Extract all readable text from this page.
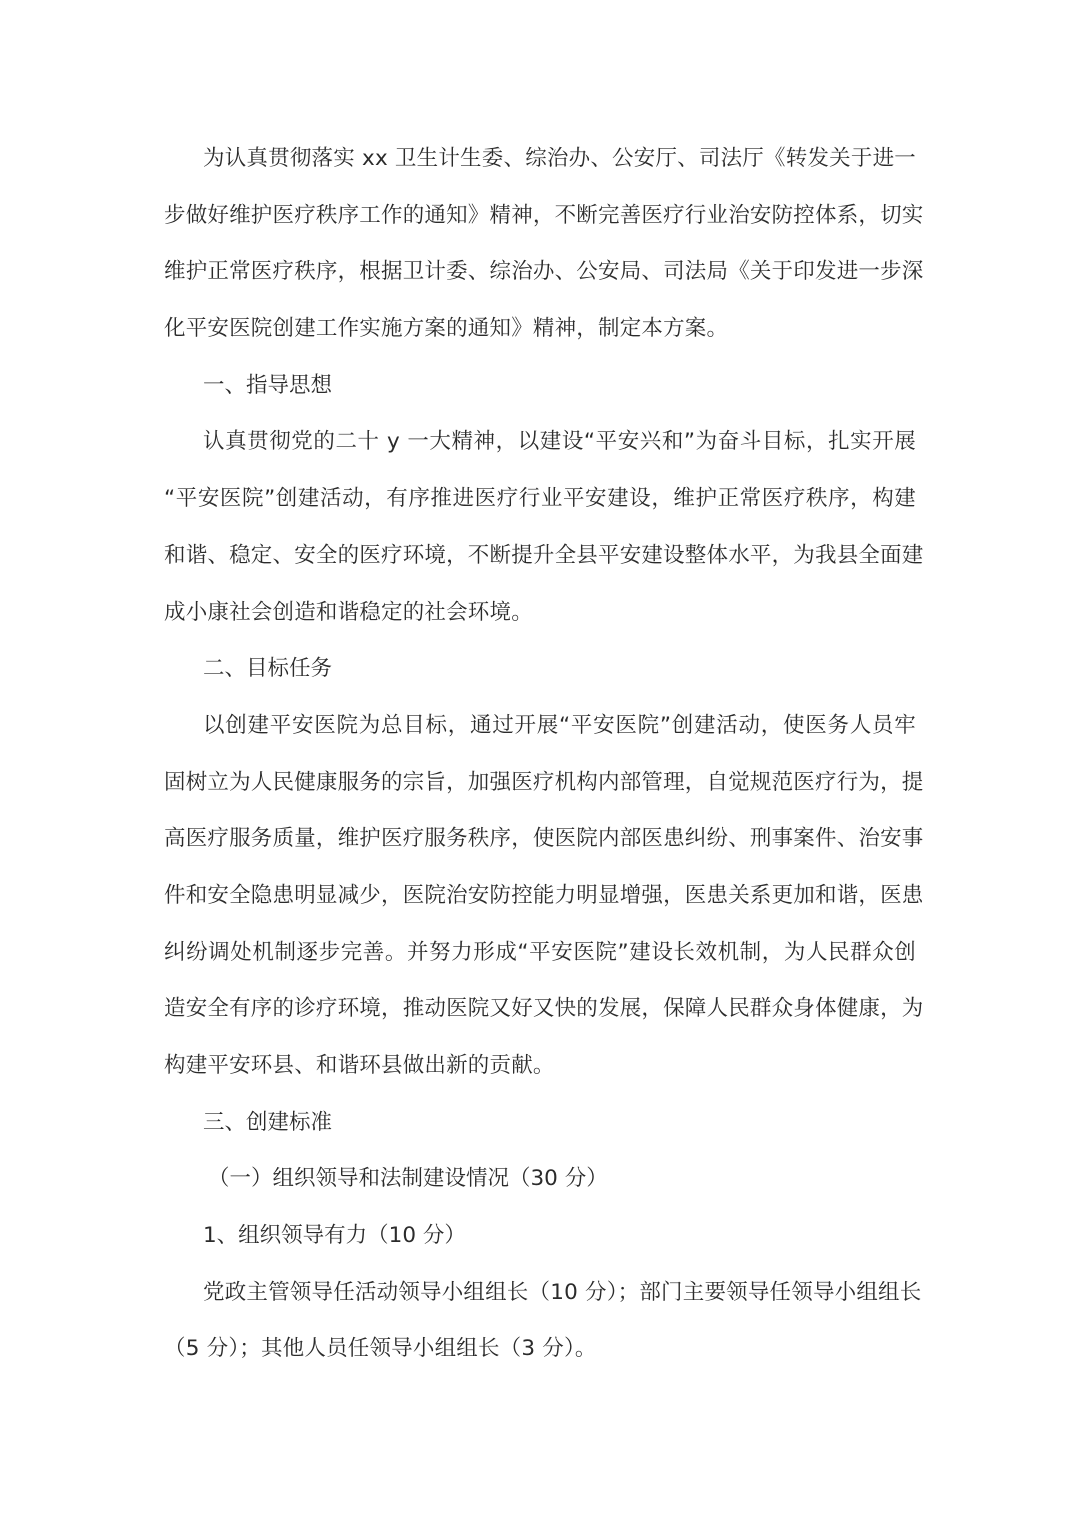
为认真贯彻落实 xx 卫生计生委、综治办、公安厅、司法厅《转发关于进一
步做好维护医疗秩序工作的通知》精神，不断完善医疗行业治安防控体系，切实
维护正常医疗秩序，根据卫计委、综治办、公安局、司法局《关于印发进一步深
化平安医院创建工作实施方案的通知》精神，制定本方案。
一、指导思想
认真贯彻党的二十 y 一大精神，以建设“平安兴和”为奋斗目标，扎实开展
“平安医院”创建活动，有序推进医疗行业平安建设，维护正常医疗秩序，构建
和谐、稳定、安全的医疗环境，不断提升全县平安建设整体水平，为我县全面建
成小康社会创造和谐稳定的社会环境。
二、目标任务
以创建平安医院为总目标，通过开展“平安医院”创建活动，使医务人员牢
固树立为人民健康服务的宗旨，加强医疗机构内部管理，自觉规范医疗行为，提
高医疗服务质量，维护医疗服务秩序，使医院内部医患纠纷、刑事案件、治安事
件和安全隐患明显减少，医院治安防控能力明显增强，医患关系更加和谐，医患
纠纷调处机制逐步完善。并努力形成“平安医院”建设长效机制，为人民群众创
造安全有序的诊疗环境，推动医院又好又快的发展，保障人民群众身体健康，为
构建平安环县、和谐环县做出新的贡献。
三、创建标准
（一）组织领导和法制建设情况（30 分）
1、组织领导有力（10 分）
党政主管领导任活动领导小组组长（10 分）；部门主要领导任领导小组组长
（5 分）；其他人员任领导小组组长（3 分）。
